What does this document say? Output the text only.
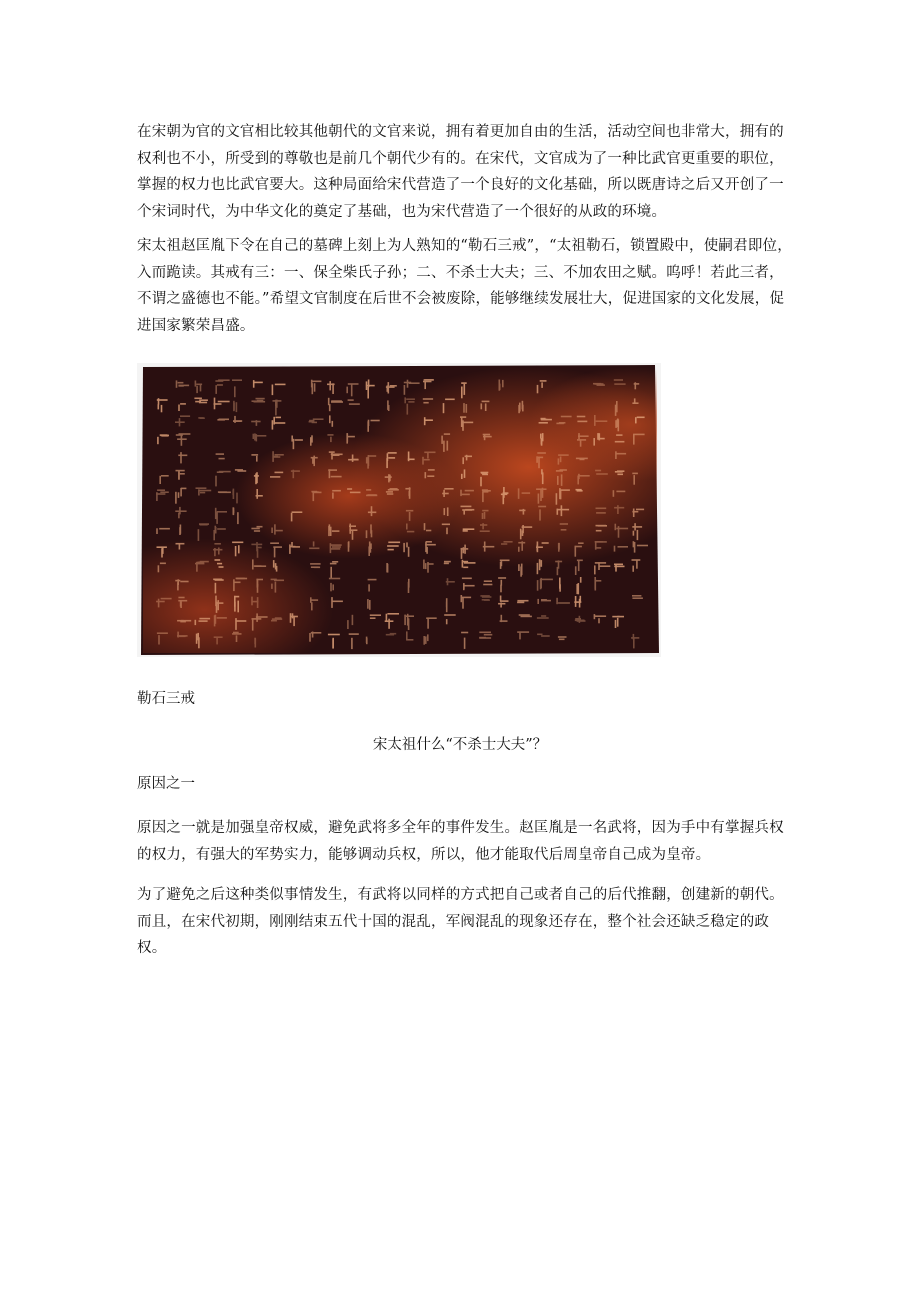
在宋朝为官的文官相比较其他朝代的文官来说，拥有着更加自由的生活，活动空间也非常大，拥有的权利也不小，所受到的尊敬也是前几个朝代少有的。在宋代，文官成为了一种比武官更重要的职位，掌握的权力也比武官要大。这种局面给宋代营造了一个良好的文化基础，所以既唐诗之后又开创了一个宋词时代，为中华文化的奠定了基础，也为宋代营造了一个很好的从政的环境。

宋太祖赵匡胤下令在自己的墓碑上刻上为人熟知的“勒石三戒”，“太祖勒石，锁置殿中，使嗣君即位，入而跪读。其戒有三：一、保全柴氏子孙；二、不杀士大夫；三、不加农田之赋。呜呼！若此三者，不谓之盛德也不能。”希望文官制度在后世不会被废除，能够继续发展壮大，促进国家的文化发展，促进国家繁荣昌盛。

勒石三戒

宋太祖什么“不杀士大夫”？

原因之一

原因之一就是加强皇帝权威，避免武将多全年的事件发生。赵匡胤是一名武将，因为手中有掌握兵权的权力，有强大的军势实力，能够调动兵权，所以，他才能取代后周皇帝自己成为皇帝。

为了避免之后这种类似事情发生，有武将以同样的方式把自己或者自己的后代推翻，创建新的朝代。而且，在宋代初期，刚刚结束五代十国的混乱，军阀混乱的现象还存在，整个社会还缺乏稳定的政权。
